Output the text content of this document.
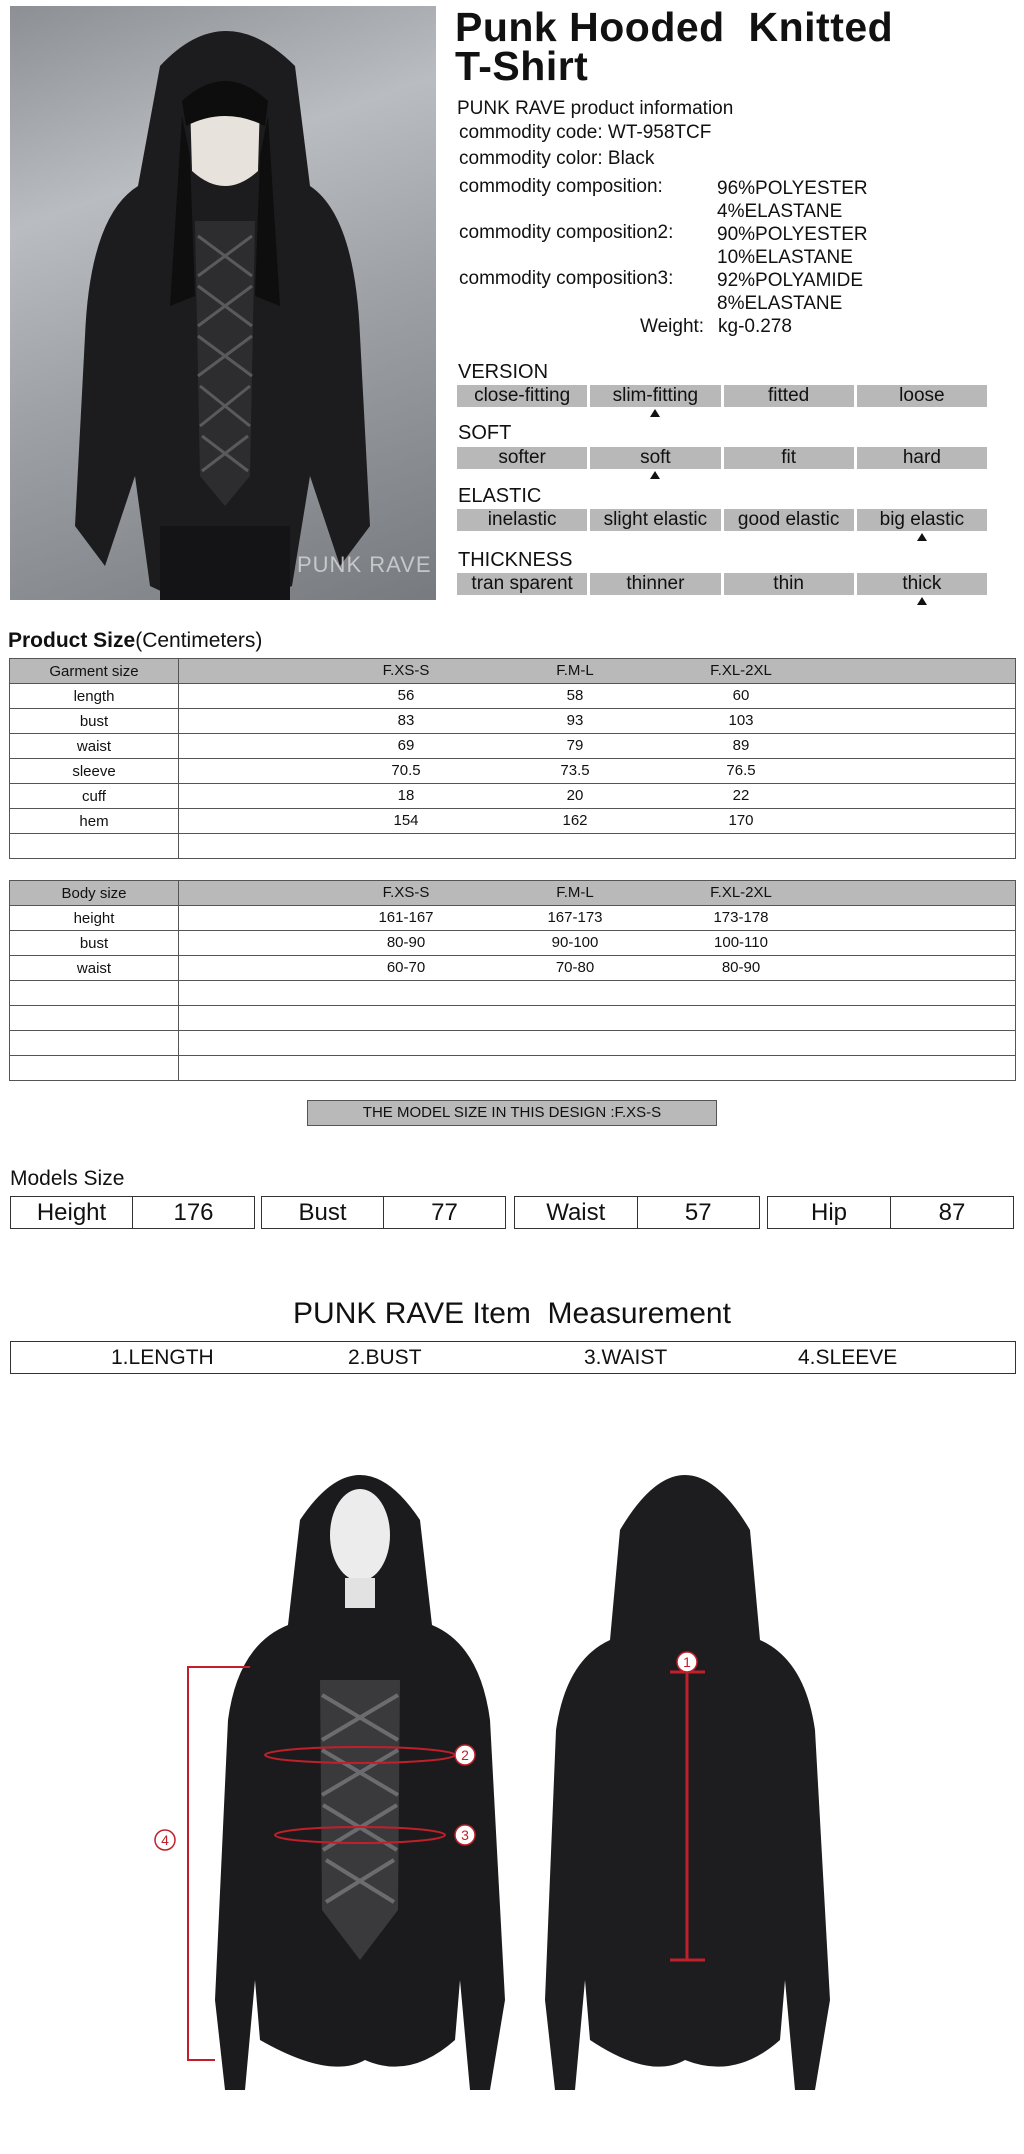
PUNK RAVE
Punk Hooded  Knitted
T-Shirt
PUNK RAVE product information
commodity code: WT-958TCF
commodity color: Black
commodity composition:	96%POLYESTER
4%ELASTANE
commodity composition2: 90%POLYESTER
10%ELASTANE
commodity composition3: 92%POLYAMIDE
8%ELASTANE
Weight: kg-0.278
VERSION
close-fitting	slim-fitting	fitted	loose
SOFT
softer	soft	fit	hard
ELASTIC
inelastic	slight elastic	good elastic	big elastic
THICKNESS
tran sparent	thinner	thin	thick
Product Size(Centimeters)
Garment size	F.XS-S F.M-L F.XL-2XL

length	56 58 60

bust	83 93 103

waist	69 79 89

sleeve	70.5 73.5 76.5

cuff	18 20 22

hem	154 162 170

Body size	F.XS-S F.M-L F.XL-2XL

height	161-167 167-173 173-178

bust	80-90 90-100 100-110

waist	60-70 70-80 80-90

THE MODEL SIZE IN THIS DESIGN :F.XS-S
Models Size
Height	176	Bust	77	Waist	57	Hip	87
PUNK RAVE Item  Measurement
1.LENGTH	2.BUST	3.WAIST	4.SLEEVE
1
2
3
4
